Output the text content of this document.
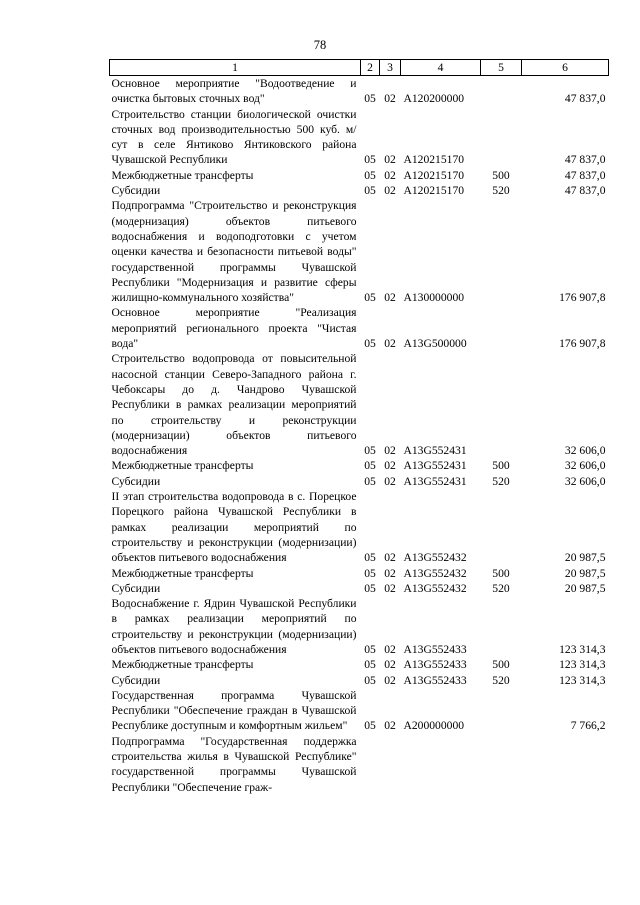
78
1	2	3	4	5	6
Основное мероприятие "Водоотведение и очистка бытовых сточных вод"	05	02	A120200000		47 837,0
Строительство станции биологической очистки сточных вод производительностью 500 куб. м/сут в селе Янтиково Янтиковского района Чувашской Республики	05	02	A120215170		47 837,0
Межбюджетные трансферты	05	02	A120215170	500	47 837,0
Субсидии	05	02	A120215170	520	47 837,0
Подпрограмма "Строительство и реконструкция (модернизация) объектов питьевого водоснабжения и водоподготовки с учетом оценки качества и безопасности питьевой воды" государственной программы Чувашской Республики "Модернизация и развитие сферы жилищно-коммунального хозяйства"	05	02	A130000000		176 907,8
Основное мероприятие "Реализация мероприятий регионального проекта "Чистая вода"	05	02	A13G500000		176 907,8
Строительство водопровода от повысительной насосной станции Северо-Западного района г. Чебоксары до д. Чандрово Чувашской Республики в рамках реализации мероприятий по строительству и реконструкции (модернизации) объектов питьевого водоснабжения	05	02	A13G552431		32 606,0
Межбюджетные трансферты	05	02	A13G552431	500	32 606,0
Субсидии	05	02	A13G552431	520	32 606,0
II этап строительства водопровода в с. Порецкое Порецкого района Чувашской Республики в рамках реализации мероприятий по строительству и реконструкции (модернизации) объектов питьевого водоснабжения	05	02	A13G552432		20 987,5
Межбюджетные трансферты	05	02	A13G552432	500	20 987,5
Субсидии	05	02	A13G552432	520	20 987,5
Водоснабжение г. Ядрин Чувашской Республики в рамках реализации мероприятий по строительству и реконструкции (модернизации) объектов питьевого водоснабжения	05	02	A13G552433		123 314,3
Межбюджетные трансферты	05	02	A13G552433	500	123 314,3
Субсидии	05	02	A13G552433	520	123 314,3
Государственная программа Чувашской Республики "Обеспечение граждан в Чувашской Республике доступным и комфортным жильем"	05	02	A200000000		7 766,2
Подпрограмма "Государственная поддержка строительства жилья в Чувашской Республике" государственной программы Чувашской Республики "Обеспечение граж-					
